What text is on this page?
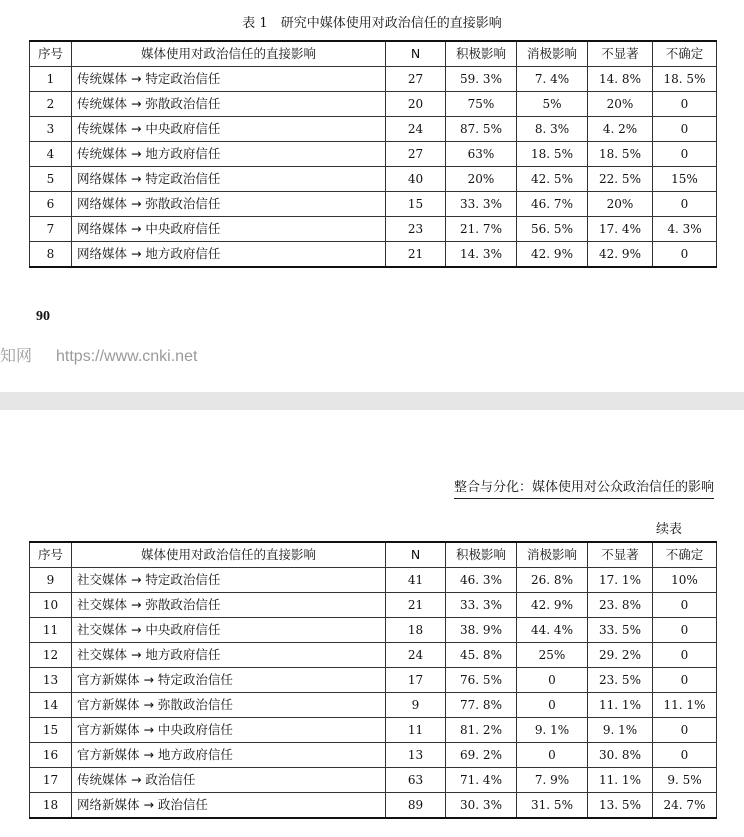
表 1　研究中媒体使用对政治信任的直接影响
序号	媒体使用对政治信任的直接影响	N	积极影响	消极影响	不显著	不确定
1	传统媒体 → 特定政治信任	27	59. 3%	7. 4%	14. 8%	18. 5%
2	传统媒体 → 弥散政治信任	20	75%	5%	20%	0
3	传统媒体 → 中央政府信任	24	87. 5%	8. 3%	4. 2%	0
4	传统媒体 → 地方政府信任	27	63%	18. 5%	18. 5%	0
5	网络媒体 → 特定政治信任	40	20%	42. 5%	22. 5%	15%
6	网络媒体 → 弥散政治信任	15	33. 3%	46. 7%	20%	0
7	网络媒体 → 中央政府信任	23	21. 7%	56. 5%	17. 4%	4. 3%
8	网络媒体 → 地方政府信任	21	14. 3%	42. 9%	42. 9%	0
90
知网 https://www.cnki.net
整合与分化：媒体使用对公众政治信任的影响
续表
序号	媒体使用对政治信任的直接影响	N	积极影响	消极影响	不显著	不确定
9	社交媒体 → 特定政治信任	41	46. 3%	26. 8%	17. 1%	10%
10	社交媒体 → 弥散政治信任	21	33. 3%	42. 9%	23. 8%	0
11	社交媒体 → 中央政府信任	18	38. 9%	44. 4%	33. 5%	0
12	社交媒体 → 地方政府信任	24	45. 8%	25%	29. 2%	0
13	官方新媒体 → 特定政治信任	17	76. 5%	0	23. 5%	0
14	官方新媒体 → 弥散政治信任	9	77. 8%	0	11. 1%	11. 1%
15	官方新媒体 → 中央政府信任	11	81. 2%	9. 1%	9. 1%	0
16	官方新媒体 → 地方政府信任	13	69. 2%	0	30. 8%	0
17	传统媒体 → 政治信任	63	71. 4%	7. 9%	11. 1%	9. 5%
18	网络新媒体 → 政治信任	89	30. 3%	31. 5%	13. 5%	24. 7%
